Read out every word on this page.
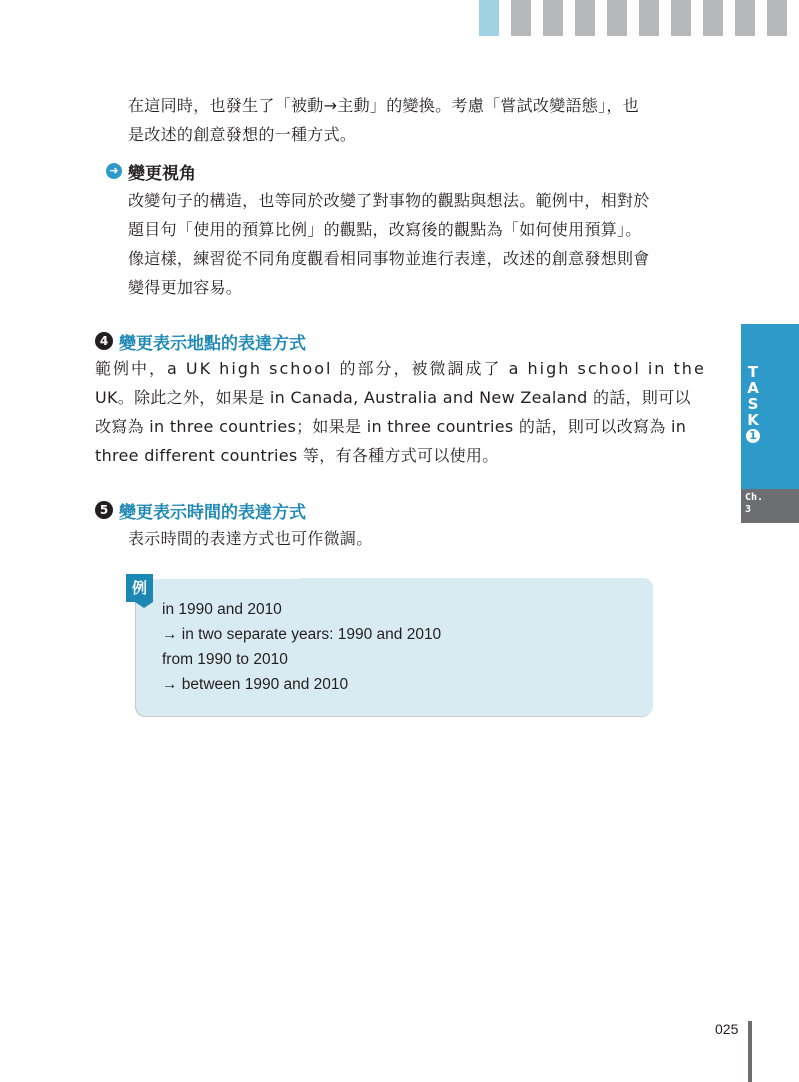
在這同時，也發生了「被動→主動」的變換。考慮「嘗試改變語態」，也
是改述的創意發想的一種方式。
➜ 變更視角
改變句子的構造，也等同於改變了對事物的觀點與想法。範例中，相對於
題目句「使用的預算比例」的觀點，改寫後的觀點為「如何使用預算」。
像這樣，練習從不同角度觀看相同事物並進行表達，改述的創意發想則會
變得更加容易。
4 變更表示地點的表達方式
範例中，a UK high school 的部分，被微調成了 a high school in the
UK。除此之外，如果是 in Canada, Australia and New Zealand 的話，則可以
改寫為 in three countries；如果是 in three countries 的話，則可以改寫為 in
three different countries 等，有各種方式可以使用。
5 變更表示時間的表達方式
表示時間的表達方式也可作微調。
例
in 1990 and 2010
→ in two separate years: 1990 and 2010
from 1990 to 2010
→ between 1990 and 2010
T
A
S
K
1
Ch.
3
025
